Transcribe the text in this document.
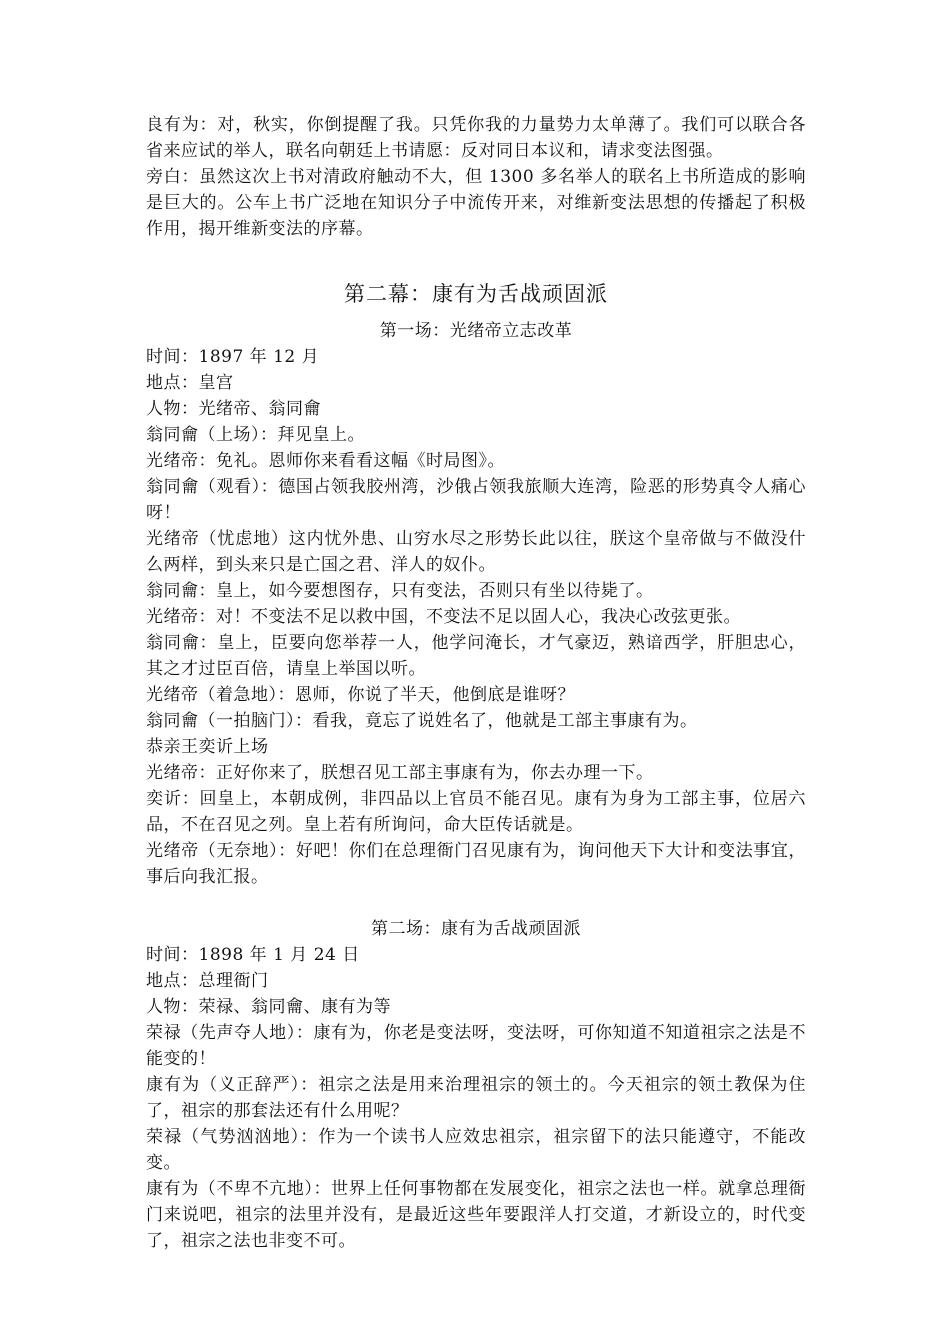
良有为：对，秋实，你倒提醒了我。只凭你我的力量势力太单薄了。我们可以联合各省来应试的举人，联名向朝廷上书请愿：反对同日本议和，请求变法图强。

旁白：虽然这次上书对清政府触动不大，但 1300 多名举人的联名上书所造成的影响是巨大的。公车上书广泛地在知识分子中流传开来，对维新变法思想的传播起了积极作用，揭开维新变法的序幕。

第二幕：康有为舌战顽固派
第一场：光绪帝立志改革

时间：1897 年 12 月

地点：皇宫

人物：光绪帝、翁同龠

翁同龠（上场）：拜见皇上。

光绪帝：免礼。恩师你来看看这幅《时局图》。

翁同龠（观看）：德国占领我胶州湾，沙俄占领我旅顺大连湾，险恶的形势真令人痛心呀！

光绪帝（忧虑地）这内忧外患、山穷水尽之形势长此以往，朕这个皇帝做与不做没什么两样，到头来只是亡国之君、洋人的奴仆。

翁同龠：皇上，如今要想图存，只有变法，否则只有坐以待毙了。

光绪帝：对！不变法不足以救中国，不变法不足以固人心，我决心改弦更张。

翁同龠：皇上，臣要向您举荐一人，他学问淹长，才气豪迈，熟谙西学，肝胆忠心，其之才过臣百倍，请皇上举国以听。

光绪帝（着急地）：恩师，你说了半天，他倒底是谁呀？

翁同龠（一拍脑门）：看我，竟忘了说姓名了，他就是工部主事康有为。

恭亲王奕䜣上场

光绪帝：正好你来了，朕想召见工部主事康有为，你去办理一下。

奕䜣：回皇上，本朝成例，非四品以上官员不能召见。康有为身为工部主事，位居六品，不在召见之列。皇上若有所询问，命大臣传话就是。

光绪帝（无奈地）：好吧！你们在总理衙门召见康有为，询问他天下大计和变法事宜，事后向我汇报。

第二场：康有为舌战顽固派

时间：1898 年 1 月 24 日

地点：总理衙门

人物：荣禄、翁同龠、康有为等

荣禄（先声夺人地）：康有为，你老是变法呀，变法呀，可你知道不知道祖宗之法是不能变的！

康有为（义正辞严）：祖宗之法是用来治理祖宗的领土的。今天祖宗的领土教保为住了，祖宗的那套法还有什么用呢？

荣禄（气势汹汹地）：作为一个读书人应效忠祖宗，祖宗留下的法只能遵守，不能改变。

康有为（不卑不亢地）：世界上任何事物都在发展变化，祖宗之法也一样。就拿总理衙门来说吧，祖宗的法里并没有，是最近这些年要跟洋人打交道，才新设立的，时代变了，祖宗之法也非变不可。
